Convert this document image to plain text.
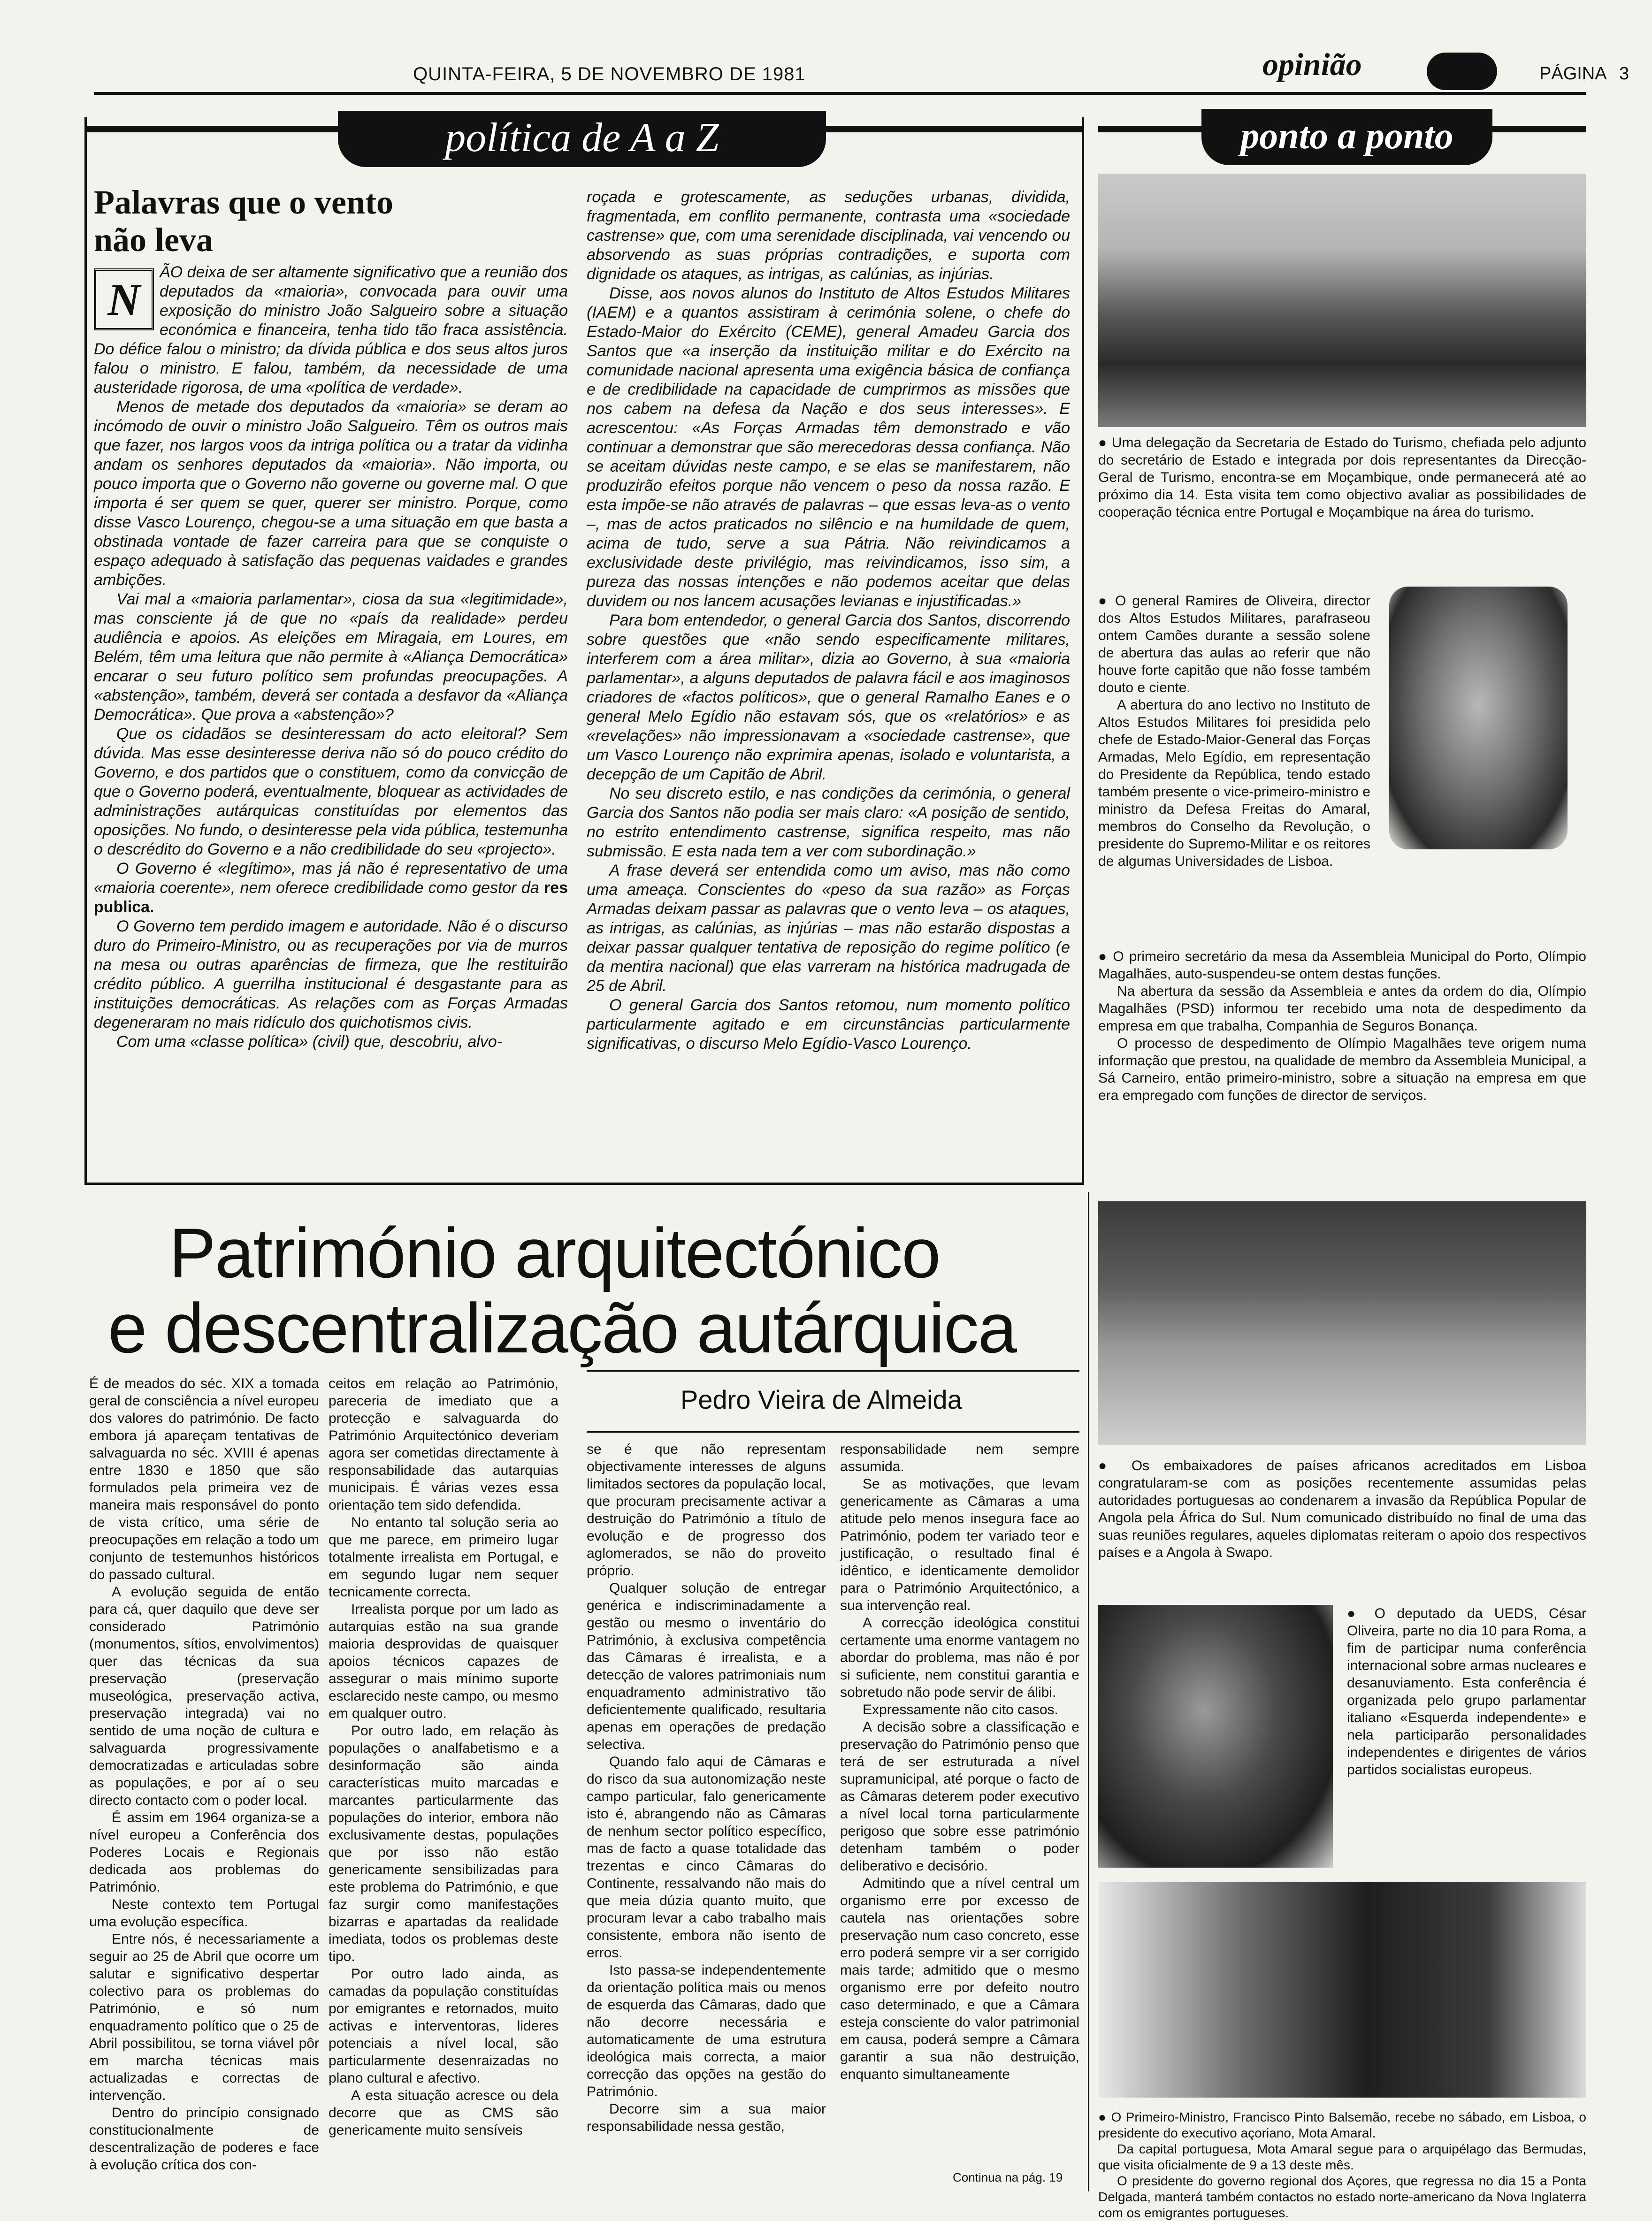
QUINTA-FEIRA, 5 DE NOVEMBRO DE 1981	opinião	PÁGINA 3
política de A a Z
Palavras que o vento
não leva
N

ÃO deixa de ser altamente significativo que a reunião dos deputados da «maioria», convocada para ouvir uma exposição do ministro João Salgueiro sobre a situação económica e financeira, tenha tido tão fraca assistência. Do défice falou o ministro; da dívida pública e dos seus altos juros falou o ministro. E falou, também, da necessidade de uma austeridade rigorosa, de uma «política de verdade».

Menos de metade dos deputados da «maioria» se deram ao incómodo de ouvir o ministro João Salgueiro. Têm os outros mais que fazer, nos largos voos da intriga política ou a tratar da vidinha andam os senhores deputados da «maioria». Não importa, ou pouco importa que o Governo não governe ou governe mal. O que importa é ser quem se quer, querer ser ministro. Porque, como disse Vasco Lourenço, chegou-se a uma situação em que basta a obstinada vontade de fazer carreira para que se conquiste o espaço adequado à satisfação das pequenas vaidades e grandes ambições.

Vai mal a «maioria parlamentar», ciosa da sua «legitimidade», mas consciente já de que no «país da realidade» perdeu audiência e apoios. As eleições em Miragaia, em Loures, em Belém, têm uma leitura que não permite à «Aliança Democrática» encarar o seu futuro político sem profundas preocupações. A «abstenção», também, deverá ser contada a desfavor da «Aliança Democrática». Que prova a «abstenção»?

Que os cidadãos se desinteressam do acto eleitoral? Sem dúvida. Mas esse desinteresse deriva não só do pouco crédito do Governo, e dos partidos que o constituem, como da convicção de que o Governo poderá, eventualmente, bloquear as actividades de administrações autárquicas constituídas por elementos das oposições. No fundo, o desinteresse pela vida pública, testemunha o descrédito do Governo e a não credibilidade do seu «projecto».

O Governo é «legítimo», mas já não é representativo de uma «maioria coerente», nem oferece credibilidade como gestor da res publica.

O Governo tem perdido imagem e autoridade. Não é o discurso duro do Primeiro-Ministro, ou as recuperações por via de murros na mesa ou outras aparências de firmeza, que lhe restituirão crédito público. A guerrilha institucional é desgastante para as instituições democráticas. As relações com as Forças Armadas degeneraram no mais ridículo dos quichotismos civis.

Com uma «classe política» (civil) que, descobriu, alvo-

roçada e grotescamente, as seduções urbanas, dividida, fragmentada, em conflito permanente, contrasta uma «sociedade castrense» que, com uma serenidade disciplinada, vai vencendo ou absorvendo as suas próprias contradições, e suporta com dignidade os ataques, as intrigas, as calúnias, as injúrias.

Disse, aos novos alunos do Instituto de Altos Estudos Militares (IAEM) e a quantos assistiram à cerimónia solene, o chefe do Estado-Maior do Exército (CEME), general Amadeu Garcia dos Santos que «a inserção da instituição militar e do Exército na comunidade nacional apresenta uma exigência básica de confiança e de credibilidade na capacidade de cumprirmos as missões que nos cabem na defesa da Nação e dos seus interesses». E acrescentou: «As Forças Armadas têm demonstrado e vão continuar a demonstrar que são merecedoras dessa confiança. Não se aceitam dúvidas neste campo, e se elas se manifestarem, não produzirão efeitos porque não vencem o peso da nossa razão. E esta impõe-se não através de palavras – que essas leva-as o vento –, mas de actos praticados no silêncio e na humildade de quem, acima de tudo, serve a sua Pátria. Não reivindicamos a exclusividade deste privilégio, mas reivindicamos, isso sim, a pureza das nossas intenções e não podemos aceitar que delas duvidem ou nos lancem acusações levianas e injustificadas.»

Para bom entendedor, o general Garcia dos Santos, discorrendo sobre questões que «não sendo especificamente militares, interferem com a área militar», dizia ao Governo, à sua «maioria parlamentar», a alguns deputados de palavra fácil e aos imaginosos criadores de «factos políticos», que o general Ramalho Eanes e o general Melo Egídio não estavam sós, que os «relatórios» e as «revelações» não impressionavam a «sociedade castrense», que um Vasco Lourenço não exprimira apenas, isolado e voluntarista, a decepção de um Capitão de Abril.

No seu discreto estilo, e nas condições da cerimónia, o general Garcia dos Santos não podia ser mais claro: «A posição de sentido, no estrito entendimento castrense, significa respeito, mas não submissão. E esta nada tem a ver com subordinação.»

A frase deverá ser entendida como um aviso, mas não como uma ameaça. Conscientes do «peso da sua razão» as Forças Armadas deixam passar as palavras que o vento leva – os ataques, as intrigas, as calúnias, as injúrias – mas não estarão dispostas a deixar passar qualquer tentativa de reposição do regime político (e da mentira nacional) que elas varreram na histórica madrugada de 25 de Abril.

O general Garcia dos Santos retomou, num momento político particularmente agitado e em circunstâncias particularmente significativas, o discurso Melo Egídio-Vasco Lourenço.

ponto a ponto

● Uma delegação da Secretaria de Estado do Turismo, chefiada pelo adjunto do secretário de Estado e integrada por dois representantes da Direcção-Geral de Turismo, encontra-se em Moçambique, onde permanecerá até ao próximo dia 14. Esta visita tem como objectivo avaliar as possibilidades de cooperação técnica entre Portugal e Moçambique na área do turismo.

● O general Ramires de Oliveira, director dos Altos Estudos Militares, parafraseou ontem Camões durante a sessão solene de abertura das aulas ao referir que não houve forte capitão que não fosse também douto e ciente.

A abertura do ano lectivo no Instituto de Altos Estudos Militares foi presidida pelo chefe de Estado-Maior-General das Forças Armadas, Melo Egídio, em representação do Presidente da República, tendo estado também presente o vice-primeiro-ministro e ministro da Defesa Freitas do Amaral, membros do Conselho da Revolução, o presidente do Supremo-Militar e os reitores de algumas Universidades de Lisboa.

● O primeiro secretário da mesa da Assembleia Municipal do Porto, Olímpio Magalhães, auto-suspendeu-se ontem destas funções.

Na abertura da sessão da Assembleia e antes da ordem do dia, Olímpio Magalhães (PSD) informou ter recebido uma nota de despedimento da empresa em que trabalha, Companhia de Seguros Bonança.

O processo de despedimento de Olímpio Magalhães teve origem numa informação que prestou, na qualidade de membro da Assembleia Municipal, a Sá Carneiro, então primeiro-ministro, sobre a situação na empresa em que era empregado com funções de director de serviços.

● Os embaixadores de países africanos acreditados em Lisboa congratularam-se com as posições recentemente assumidas pelas autoridades portuguesas ao condenarem a invasão da República Popular de Angola pela África do Sul. Num comunicado distribuído no final de uma das suas reuniões regulares, aqueles diplomatas reiteram o apoio dos respectivos países e a Angola à Swapo.

● O deputado da UEDS, César Oliveira, parte no dia 10 para Roma, a fim de participar numa conferência internacional sobre armas nucleares e desanuviamento. Esta conferência é organizada pelo grupo parlamentar italiano «Esquerda independente» e nela participarão personalidades independentes e dirigentes de vários partidos socialistas europeus.

● O Primeiro-Ministro, Francisco Pinto Balsemão, recebe no sábado, em Lisboa, o presidente do executivo açoriano, Mota Amaral.

Da capital portuguesa, Mota Amaral segue para o arquipélago das Bermudas, que visita oficialmente de 9 a 13 deste mês.

O presidente do governo regional dos Açores, que regressa no dia 15 a Ponta Delgada, manterá também contactos no estado norte-americano da Nova Inglaterra com os emigrantes portugueses.

Património arquitectónico
e descentralização autárquica
Pedro Vieira de Almeida

É de meados do séc. XIX a tomada geral de consciência a nível europeu dos valores do património. De facto embora já apareçam tentativas de salvaguarda no séc. XVIII é apenas entre 1830 e 1850 que são formulados pela primeira vez de maneira mais responsável do ponto de vista crítico, uma série de preocupações em relação a todo um conjunto de testemunhos históricos do passado cultural.

A evolução seguida de então para cá, quer daquilo que deve ser considerado Património (monumentos, sítios, envolvimentos) quer das técnicas da sua preservação (preservação museológica, preservação activa, preservação integrada) vai no sentido de uma noção de cultura e salvaguarda progressivamente democratizadas e articuladas sobre as populações, e por aí o seu directo contacto com o poder local.

É assim em 1964 organiza-se a nível europeu a Conferência dos Poderes Locais e Regionais dedicada aos problemas do Património.

Neste contexto tem Portugal uma evolução específica.

Entre nós, é necessariamente a seguir ao 25 de Abril que ocorre um salutar e significativo despertar colectivo para os problemas do Património, e só num enquadramento político que o 25 de Abril possibilitou, se torna viável pôr em marcha técnicas mais actualizadas e correctas de intervenção.

Dentro do princípio consignado constitucionalmente de descentralização de poderes e face à evolução crítica dos con-

ceitos em relação ao Património, pareceria de imediato que a protecção e salvaguarda do Património Arquitectónico deveriam agora ser cometidas directamente à responsabilidade das autarquias municipais. É várias vezes essa orientação tem sido defendida.

No entanto tal solução seria ao que me parece, em primeiro lugar totalmente irrealista em Portugal, e em segundo lugar nem sequer tecnicamente correcta.

Irrealista porque por um lado as autarquias estão na sua grande maioria desprovidas de quaisquer apoios técnicos capazes de assegurar o mais mínimo suporte esclarecido neste campo, ou mesmo em qualquer outro.

Por outro lado, em relação às populações o analfabetismo e a desinformação são ainda características muito marcadas e marcantes particularmente das populações do interior, embora não exclusivamente destas, populações que por isso não estão genericamente sensibilizadas para este problema do Património, e que faz surgir como manifestações bizarras e apartadas da realidade imediata, todos os problemas deste tipo.

Por outro lado ainda, as camadas da população constituídas por emigrantes e retornados, muito activas e interventoras, lideres potenciais a nível local, são particularmente desenraizadas no plano cultural e afectivo.

A esta situação acresce ou dela decorre que as CMS são genericamente muito sensíveis

se é que não representam objectivamente interesses de alguns limitados sectores da população local, que procuram precisamente activar a destruição do Património a título de evolução e de progresso dos aglomerados, se não do proveito próprio.

Qualquer solução de entregar genérica e indiscriminadamente a gestão ou mesmo o inventário do Património, à exclusiva competência das Câmaras é irrealista, e a detecção de valores patrimoniais num enquadramento administrativo tão deficientemente qualificado, resultaria apenas em operações de predação selectiva.

Quando falo aqui de Câmaras e do risco da sua autonomização neste campo particular, falo genericamente isto é, abrangendo não as Câmaras de nenhum sector político específico, mas de facto a quase totalidade das trezentas e cinco Câmaras do Continente, ressalvando não mais do que meia dúzia quanto muito, que procuram levar a cabo trabalho mais consistente, embora não isento de erros.

Isto passa-se independentemente da orientação política mais ou menos de esquerda das Câmaras, dado que não decorre necessária e automaticamente de uma estrutura ideológica mais correcta, a maior correcção das opções na gestão do Património.

Decorre sim a sua maior responsabilidade nessa gestão,

responsabilidade nem sempre assumida.

Se as motivações, que levam genericamente as Câmaras a uma atitude pelo menos insegura face ao Património, podem ter variado teor e justificação, o resultado final é idêntico, e identicamente demolidor para o Património Arquitectónico, a sua intervenção real.

A correcção ideológica constitui certamente uma enorme vantagem no abordar do problema, mas não é por si suficiente, nem constitui garantia e sobretudo não pode servir de álibi.

Expressamente não cito casos.

A decisão sobre a classificação e preservação do Património penso que terá de ser estruturada a nível supramunicipal, até porque o facto de as Câmaras deterem poder executivo a nível local torna particularmente perigoso que sobre esse património detenham também o poder deliberativo e decisório.

Admitindo que a nível central um organismo erre por excesso de cautela nas orientações sobre preservação num caso concreto, esse erro poderá sempre vir a ser corrigido mais tarde; admitido que o mesmo organismo erre por defeito noutro caso determinado, e que a Câmara esteja consciente do valor patrimonial em causa, poderá sempre a Câmara garantir a sua não destruição, enquanto simultaneamente

Continua na pág. 19
